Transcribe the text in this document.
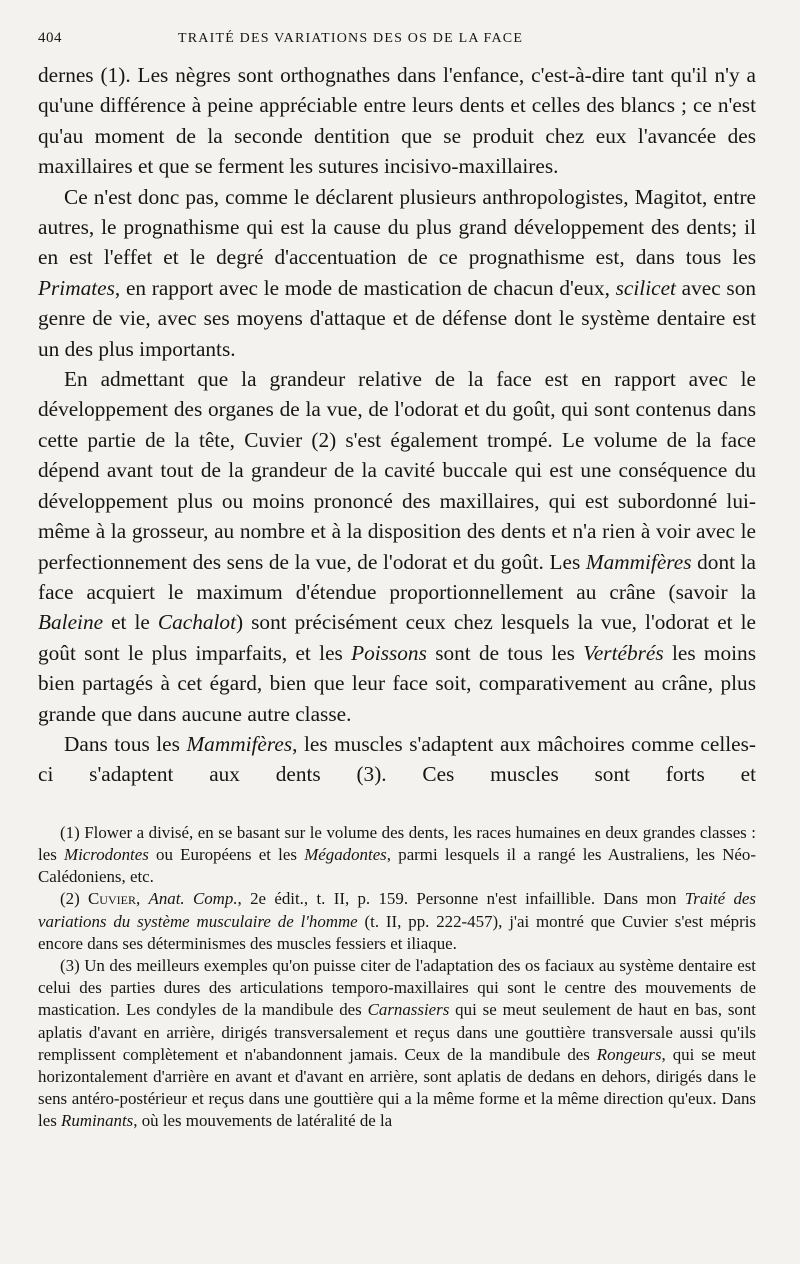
404	TRAITÉ DES VARIATIONS DES OS DE LA FACE

dernes (1). Les nègres sont orthognathes dans l'enfance, c'est-à-dire tant qu'il n'y a qu'une différence à peine appréciable entre leurs dents et celles des blancs ; ce n'est qu'au moment de la seconde dentition que se produit chez eux l'avancée des maxillaires et que se ferment les sutures incisivo-maxillaires.

Ce n'est donc pas, comme le déclarent plusieurs anthropologistes, Magitot, entre autres, le prognathisme qui est la cause du plus grand développement des dents; il en est l'effet et le degré d'accentuation de ce prognathisme est, dans tous les Primates, en rapport avec le mode de mastication de chacun d'eux, scilicet avec son genre de vie, avec ses moyens d'attaque et de défense dont le système dentaire est un des plus importants.

En admettant que la grandeur relative de la face est en rapport avec le développement des organes de la vue, de l'odorat et du goût, qui sont contenus dans cette partie de la tête, Cuvier (2) s'est également trompé. Le volume de la face dépend avant tout de la grandeur de la cavité buccale qui est une conséquence du développement plus ou moins prononcé des maxillaires, qui est subordonné lui-même à la grosseur, au nombre et à la disposition des dents et n'a rien à voir avec le perfectionnement des sens de la vue, de l'odorat et du goût. Les Mammifères dont la face acquiert le maximum d'étendue proportionnellement au crâne (savoir la Baleine et le Cachalot) sont précisément ceux chez lesquels la vue, l'odorat et le goût sont le plus imparfaits, et les Poissons sont de tous les Vertébrés les moins bien partagés à cet égard, bien que leur face soit, comparativement au crâne, plus grande que dans aucune autre classe.

Dans tous les Mammifères, les muscles s'adaptent aux mâchoires comme celles-ci s'adaptent aux dents (3). Ces muscles sont forts et

(1) Flower a divisé, en se basant sur le volume des dents, les races humaines en deux grandes classes : les Microdontes ou Européens et les Mégadontes, parmi lesquels il a rangé les Australiens, les Néo-Calédoniens, etc.

(2) Cuvier, Anat. Comp., 2e édit., t. II, p. 159. Personne n'est infaillible. Dans mon Traité des variations du système musculaire de l'homme (t. II, pp. 222-457), j'ai montré que Cuvier s'est mépris encore dans ses déterminismes des muscles fessiers et iliaque.

(3) Un des meilleurs exemples qu'on puisse citer de l'adaptation des os faciaux au système dentaire est celui des parties dures des articulations temporo-maxillaires qui sont le centre des mouvements de mastication. Les condyles de la mandibule des Carnassiers qui se meut seulement de haut en bas, sont aplatis d'avant en arrière, dirigés transversalement et reçus dans une gouttière transversale aussi qu'ils remplissent complètement et n'abandonnent jamais. Ceux de la mandibule des Rongeurs, qui se meut horizontalement d'arrière en avant et d'avant en arrière, sont aplatis de dedans en dehors, dirigés dans le sens antéro-postérieur et reçus dans une gouttière qui a la même forme et la même direction qu'eux. Dans les Ruminants, où les mouvements de latéralité de la
